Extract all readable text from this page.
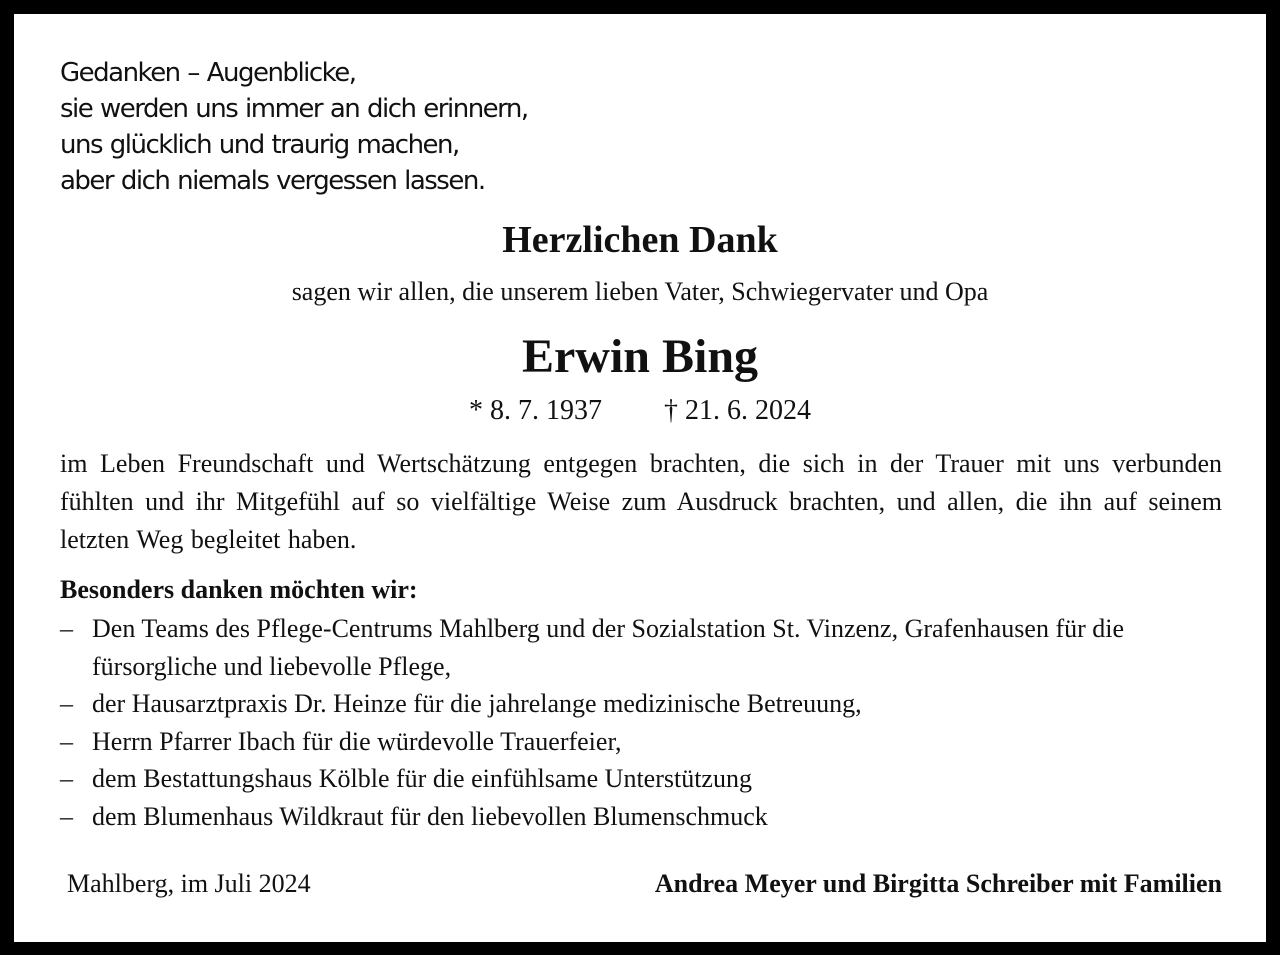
Gedanken – Augenblicke,
sie werden uns immer an dich erinnern,
uns glücklich und traurig machen,
aber dich niemals vergessen lassen.
Herzlichen Dank
sagen wir allen, die unserem lieben Vater, Schwiegervater und Opa
Erwin Bing
* 8. 7. 1937 † 21. 6. 2024
im Leben Freundschaft und Wertschätzung entgegen brachten, die sich in der Trauer mit uns verbunden fühlten und ihr Mitgefühl auf so vielfältige Weise zum Ausdruck brachten, und allen, die ihn auf seinem letzten Weg begleitet haben.
Besonders danken möchten wir:
– Den Teams des Pflege-Centrums Mahlberg und der Sozialstation St. Vinzenz, Grafenhausen für die fürsorgliche und liebevolle Pflege,
– der Hausarztpraxis Dr. Heinze für die jahrelange medizinische Betreuung,
– Herrn Pfarrer Ibach für die würdevolle Trauerfeier,
– dem Bestattungshaus Kölble für die einfühlsame Unterstützung
– dem Blumenhaus Wildkraut für den liebevollen Blumenschmuck
Mahlberg, im Juli 2024	Andrea Meyer und Birgitta Schreiber mit Familien
